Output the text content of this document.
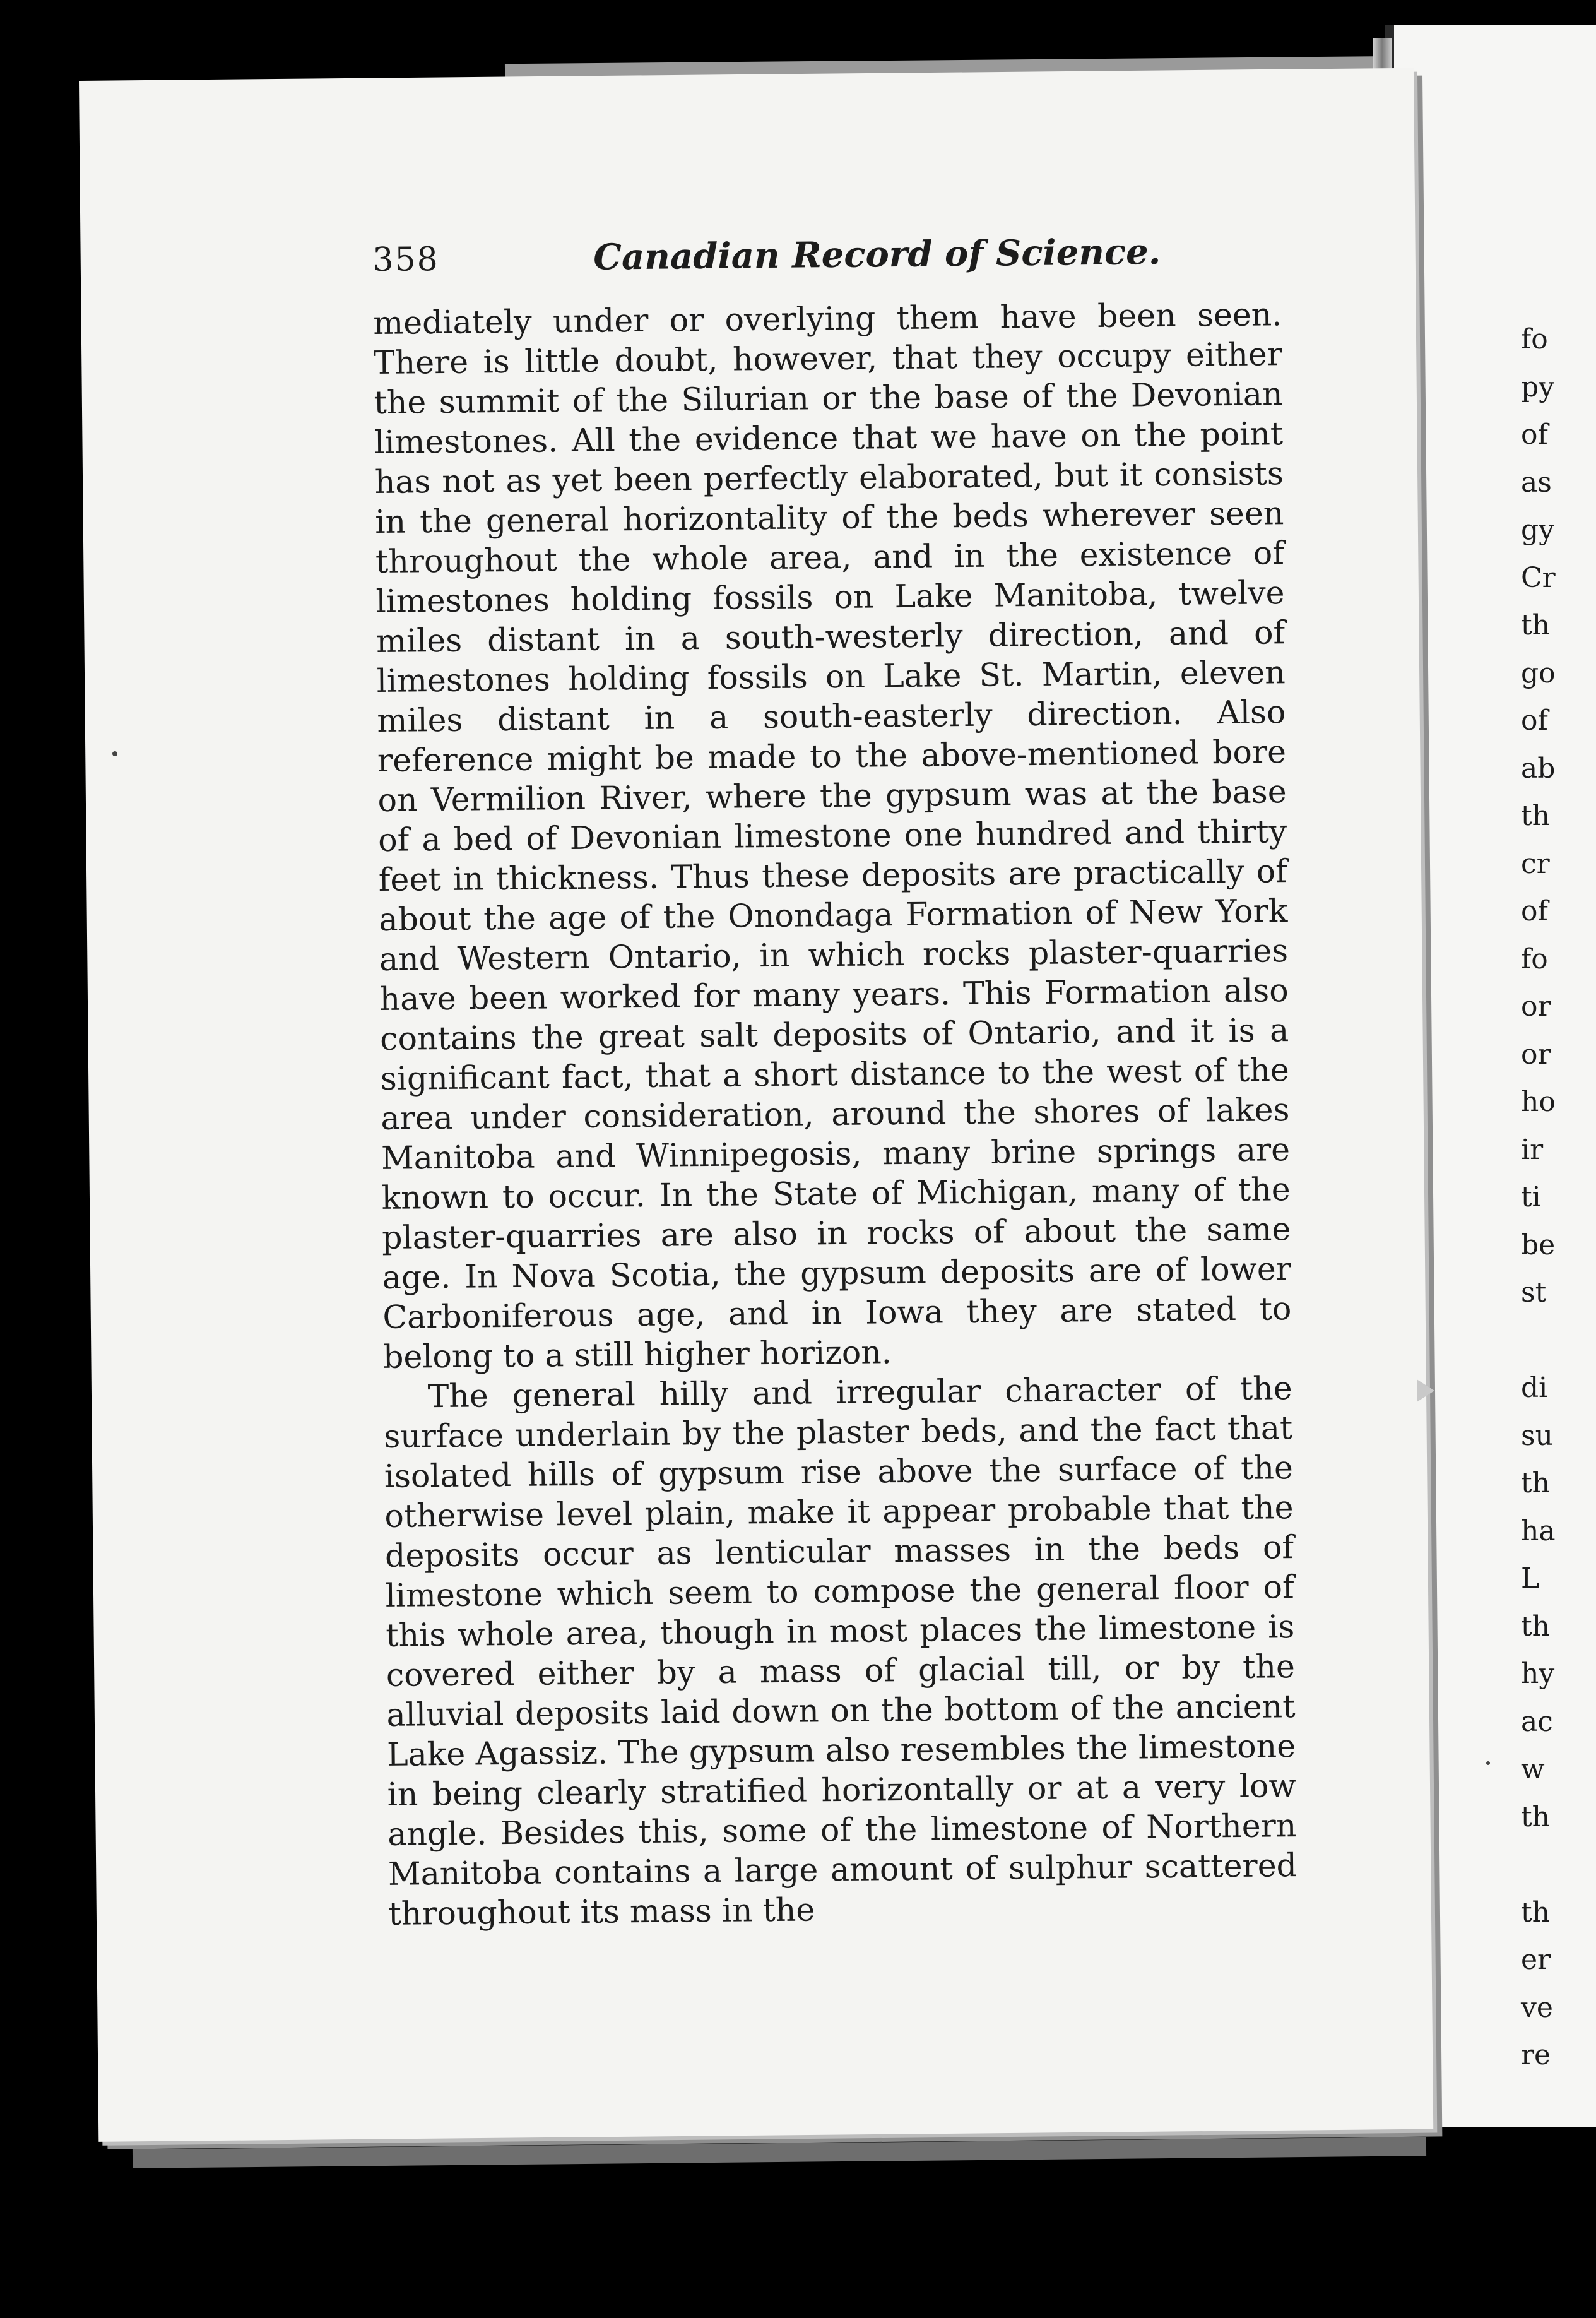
358	Canadian Record of Science.

mediately under or overlying them have been seen. There is little doubt, however, that they occupy either the summit of the Silurian or the base of the Devonian limestones. All the evidence that we have on the point has not as yet been perfectly elaborated, but it consists in the general horizontality of the beds wherever seen throughout the whole area, and in the existence of limestones holding fossils on Lake Manitoba, twelve miles distant in a south-westerly direction, and of limestones holding fossils on Lake St. Martin, eleven miles distant in a south-easterly direction. Also reference might be made to the above-mentioned bore on Vermilion River, where the gypsum was at the base of a bed of Devonian limestone one hundred and thirty feet in thickness. Thus these deposits are practically of about the age of the Onondaga Formation of New York and Western Ontario, in which rocks plaster-quarries have been worked for many years. This Formation also contains the great salt deposits of Ontario, and it is a significant fact, that a short distance to the west of the area under consideration, around the shores of lakes Manitoba and Winnipegosis, many brine springs are known to occur. In the State of Michigan, many of the plaster-quarries are also in rocks of about the same age. In Nova Scotia, the gypsum deposits are of lower Carboniferous age, and in Iowa they are stated to belong to a still higher horizon.

The general hilly and irregular character of the surface underlain by the plaster beds, and the fact that isolated hills of gypsum rise above the surface of the otherwise level plain, make it appear probable that the deposits occur as lenticular masses in the beds of limestone which seem to compose the general floor of this whole area, though in most places the limestone is covered either by a mass of glacial till, or by the alluvial deposits laid down on the bottom of the ancient Lake Agassiz. The gypsum also resembles the limestone in being clearly stratified horizontally or at a very low angle. Besides this, some of the limestone of Northern Manitoba contains a large amount of sulphur scattered throughout its mass in the

fo
py
of
as
gy
Cr
th
go
of
ab
th
cr
of
fo
or
or
ho
ir
ti
be
st
di
su
th
ha
L
th
hy
ac
w
th
th
er
ve
re
